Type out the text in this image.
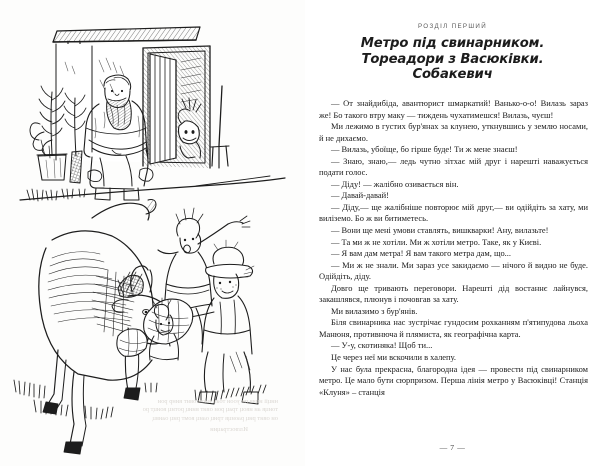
ниціі ицяв пн уоои тоан илом овит винр рои
тоицв аи ивоц трац рои овит вииц ротиц воицт ро
ои овит риц раоицв триц оаиц вомт риц оаивц
Иллюстрации
РОЗДІЛ ПЕРШИЙ
Метро під свинарником.
Тореадори з Васюківки.
Собакевич

— От знайдибіда, авантюрист шмаркатий! Ванько-о-о! Вилазь зараз же! Бо такого втру маку — тиждень чухатимешся! Вилазь, чуєш!

Ми лежимо в густих бур'янах за клунею, уткнувшись у землю носами, й не дихаємо.

— Вилазь, убоїще, бо гірше буде! Ти ж мене знаєш!

— Знаю, знаю,— ледь чутно зітхає мій друг і нарешті наважується подати голос.

— Діду! — жалібно озивається він.

— Давай-давай!

— Діду,— ще жалібніше повторює мій друг,— ви одійдіть за хату, ми вилізeмо. Бо ж ви битиметесь.

— Вони ще мені умови ставлять, вишкварки! Ану, вилазьте!

— Та ми ж не хотіли. Ми ж хотіли метро. Таке, як у Києві.

— Я вам дам метра! Я вам такого метра дам, що...

— Ми ж не знали. Ми зараз усе закидаємо — нічого й видно не буде. Одійдіть, діду.

Довго ще тривають переговори. Нарешті дід востаннє лайнувся, закашлявся, плюнув і почовгав за хату.

Ми вилазимо з бур'янів.

Біля свинарника нас зустрічає гундосим рохканням п'ятипудова льоха Манюня, противнюча й плямиста, як географічна карта.

— У-у, скотиняка! Щоб ти...

Це через неї ми вскочили в халепу.

У нас була прекрасна, благородна ідея — провести під свинарником метро. Це мало бути сюрпризом. Перша лінія метро у Васюківці! Станція «Клуня» – станція

— 7 —
